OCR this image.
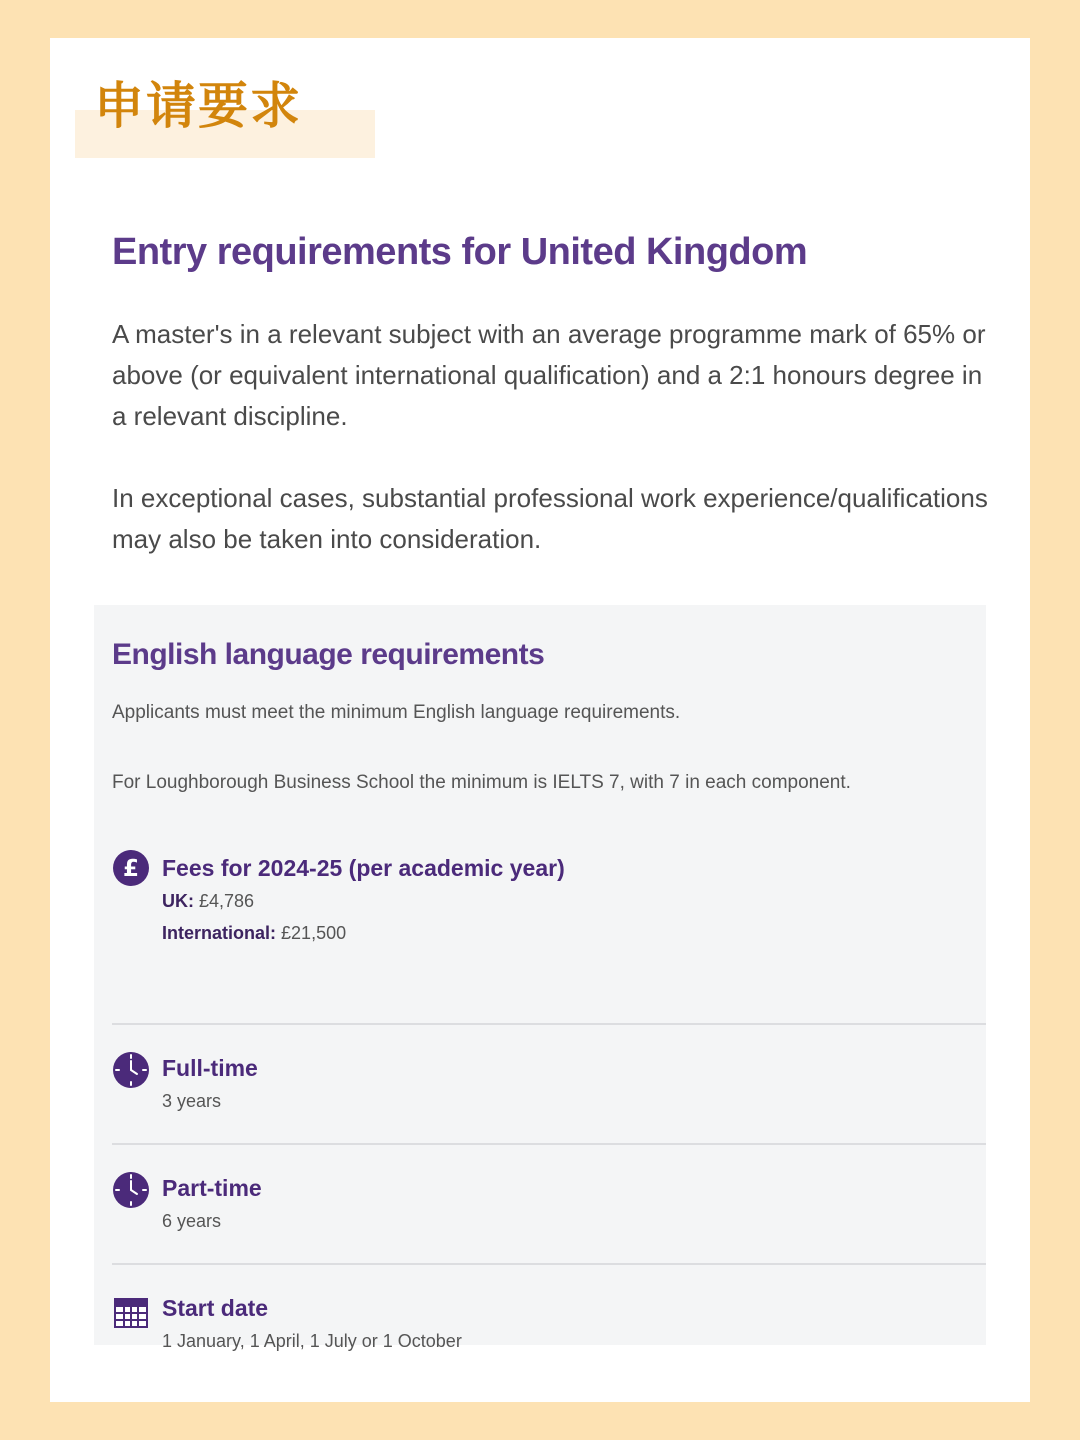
申请要求
Entry requirements for United Kingdom

A master's in a relevant subject with an average programme mark of 65% or above (or equivalent international qualification) and a 2:1 honours degree in a relevant discipline.

In exceptional cases, substantial professional work experience/qualifications may also be taken into consideration.

English language requirements

Applicants must meet the minimum English language requirements.

For Loughborough Business School the minimum is IELTS 7, with 7 in each component.

£ Fees for 2024-25 (per academic year)
UK: £4,786
International: £21,500
Full-time
3 years
Part-time
6 years
Start date
1 January, 1 April, 1 July or 1 October
